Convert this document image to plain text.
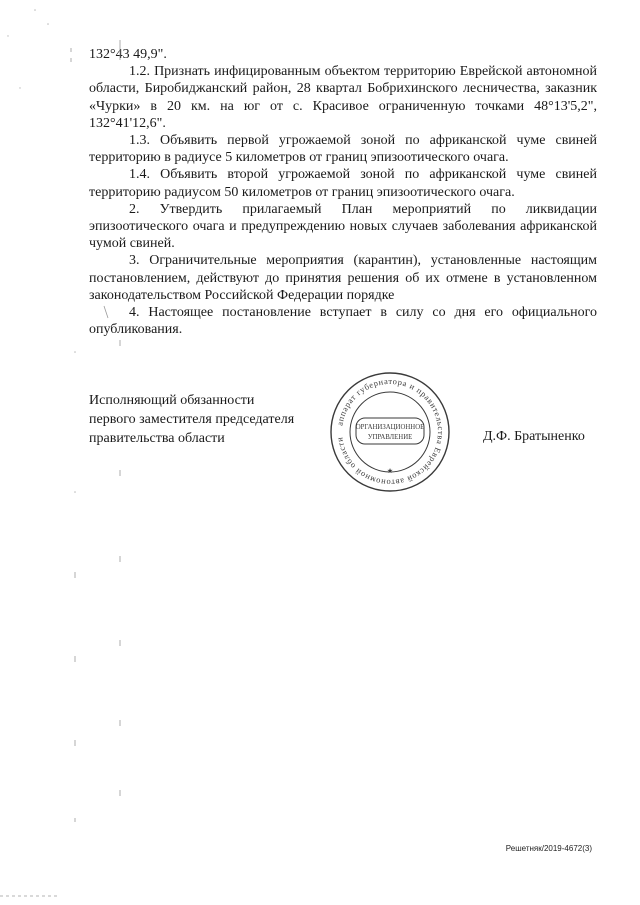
132°43 49,9".

1.2. Признать инфицированным объектом территорию Еврейской автономной области, Биробиджанский район, 28 квартал Бобрихинского лесничества, заказник «Чурки» в 20 км. на юг от с. Красивое ограниченную точками 48°13'5,2", 132°41'12,6".

1.3. Объявить первой угрожаемой зоной по африканской чуме свиней территорию в радиусе 5 километров от границ эпизоотического очага.

1.4. Объявить второй угрожаемой зоной по африканской чуме свиней территорию радиусом 50 километров от границ эпизоотического очага.

2. Утвердить прилагаемый План мероприятий по ликвидации эпизоотического очага и предупреждению новых случаев заболевания африканской чумой свиней.

3. Ограничительные мероприятия (карантин), установленные настоящим постановлением, действуют до принятия решения об их отмене в установленном законодательством Российской Федерации порядке

4. Настоящее постановление вступает в силу со дня его официального опубликования.

Исполняющий обязанности
первого заместителя председателя
правительства области
аппарат губернатора и правительства Еврейской автономной области
ОРГАНИЗАЦИОННОЕ
УПРАВЛЕНИЕ
★
Д.Ф. Братыненко
Решетняк/2019-4672(3)
